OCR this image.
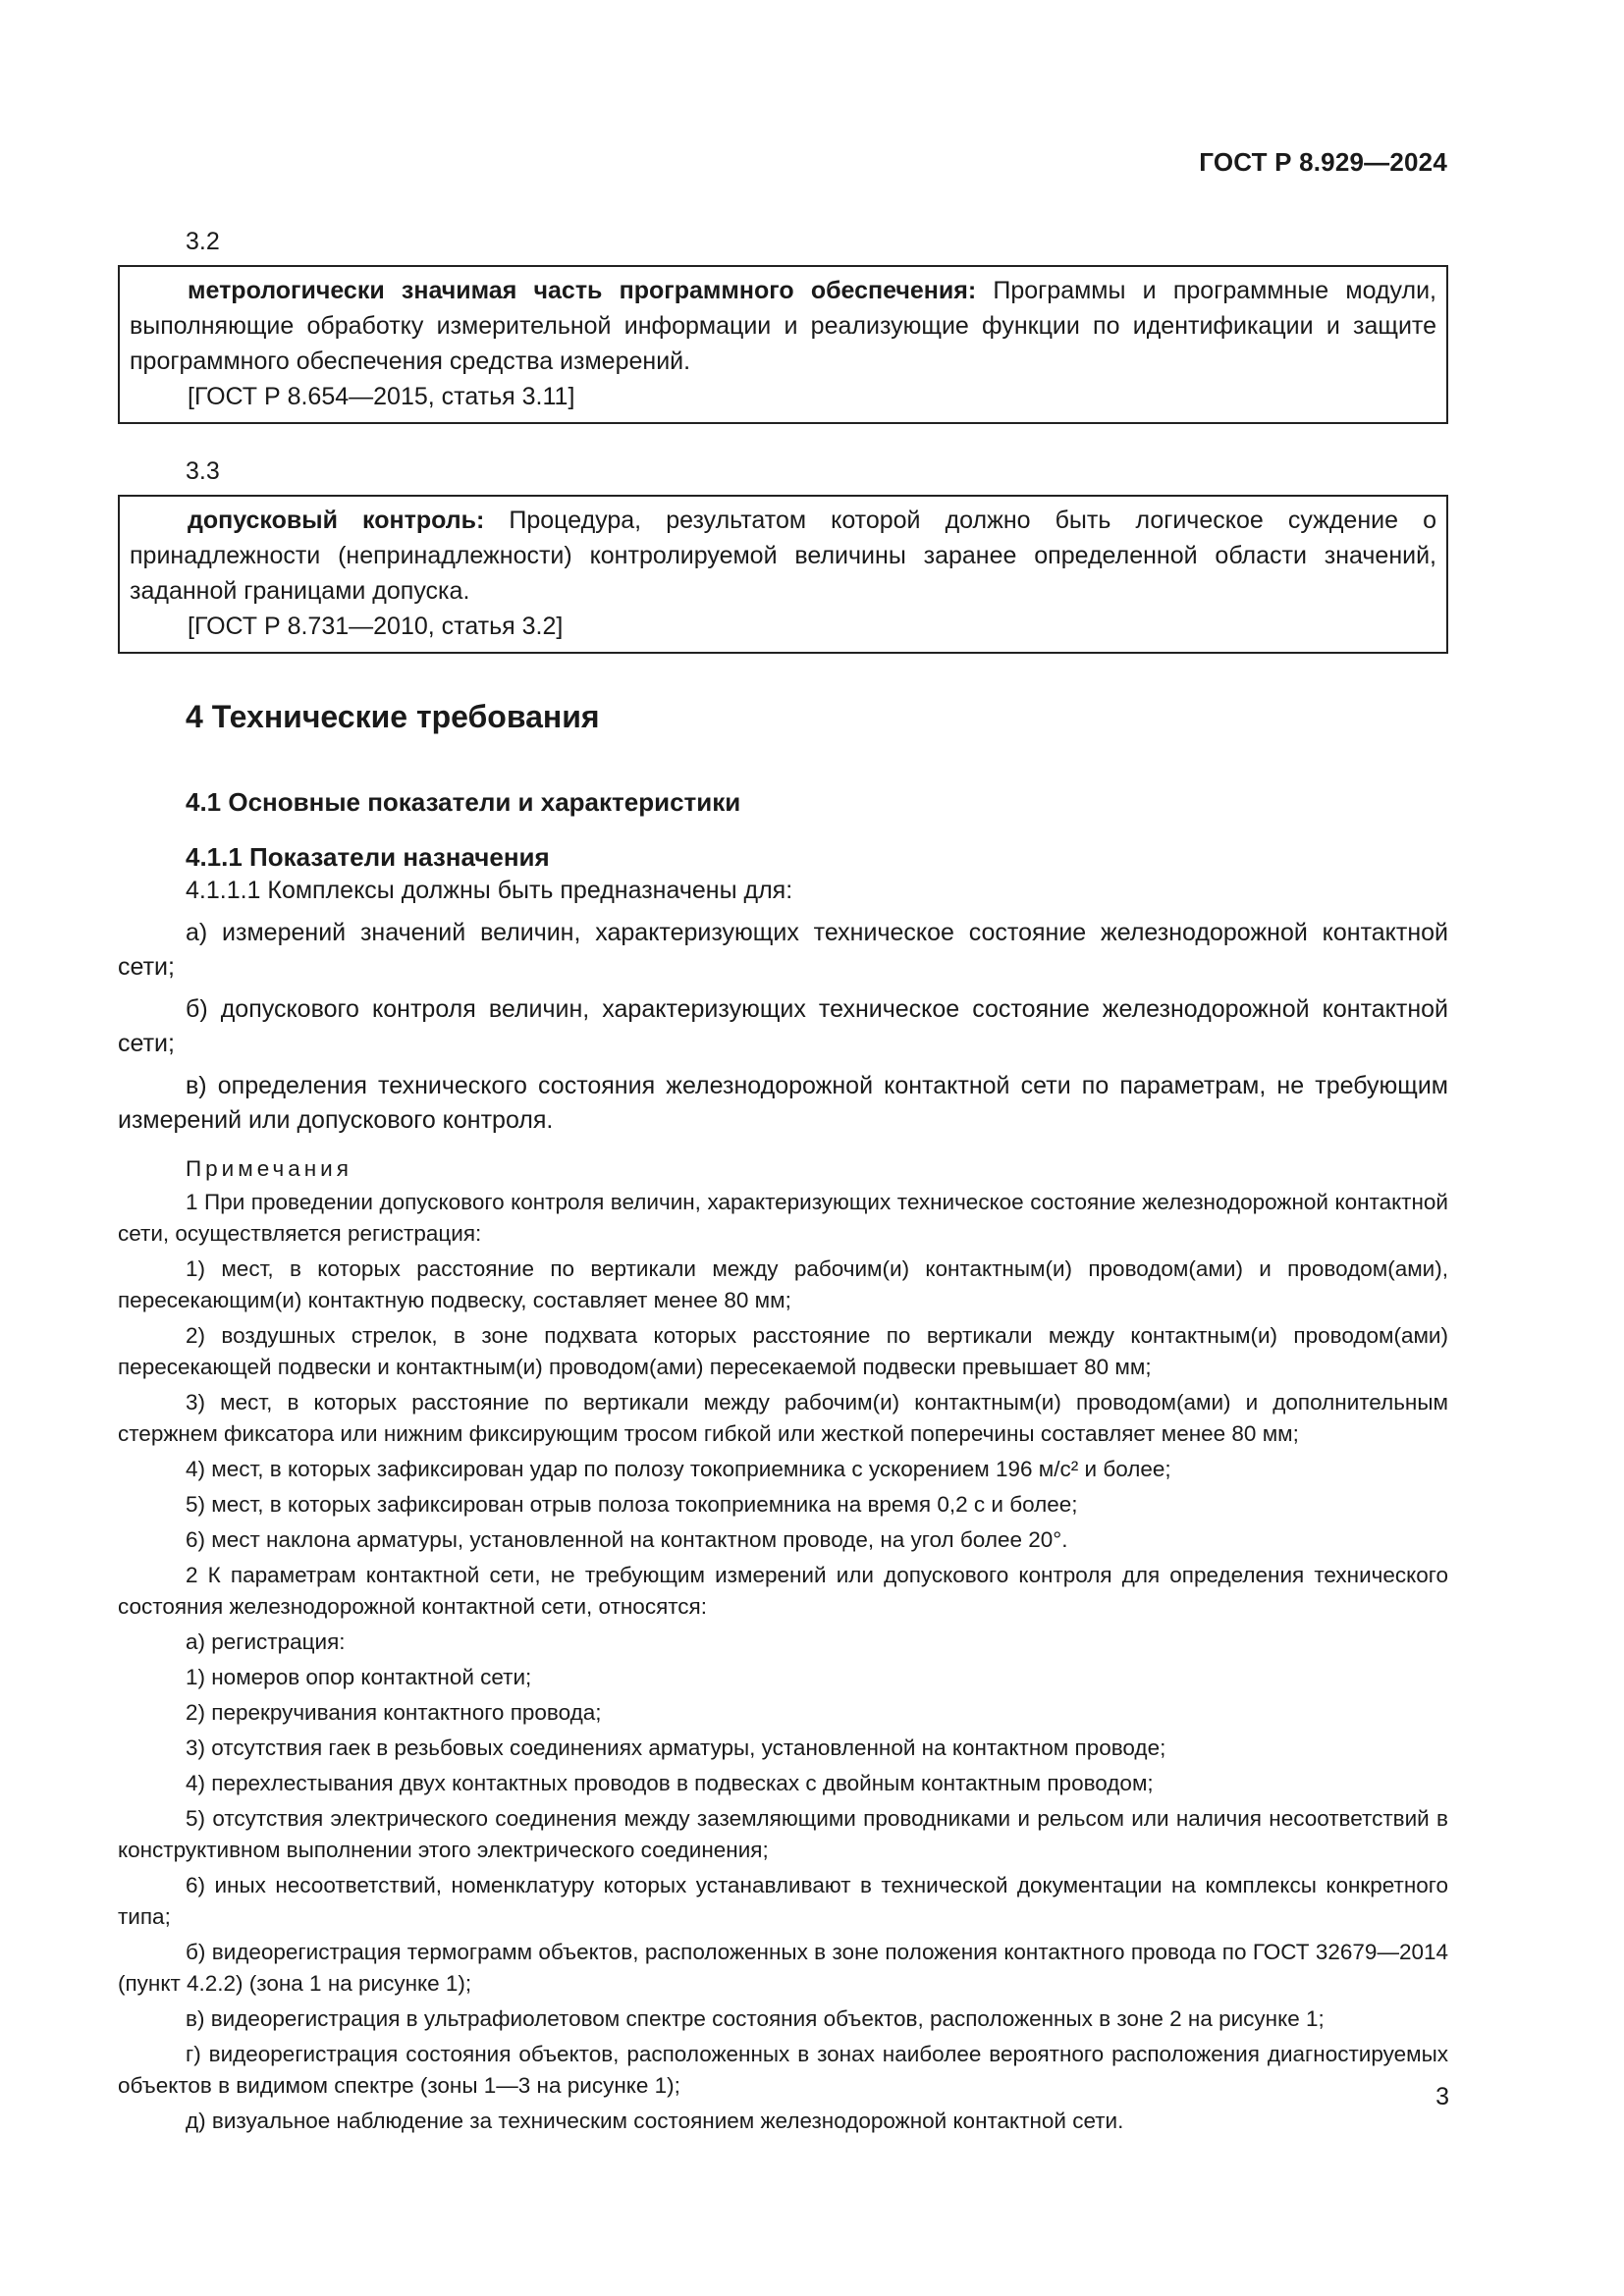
ГОСТ Р 8.929—2024
3.2

метрологически значимая часть программного обеспечения: Программы и программные модули, выполняющие обработку измерительной информации и реализующие функции по идентификации и защите программного обеспечения средства измерений.

[ГОСТ Р 8.654—2015, статья 3.11]

3.3

допусковый контроль: Процедура, результатом которой должно быть логическое суждение о принадлежности (непринадлежности) контролируемой величины заранее определенной области значений, заданной границами допуска.

[ГОСТ Р 8.731—2010, статья 3.2]

4 Технические требования
4.1 Основные показатели и характеристики
4.1.1 Показатели назначения

4.1.1.1 Комплексы должны быть предназначены для:

а) измерений значений величин, характеризующих техническое состояние железнодорожной контактной сети;

б) допускового контроля величин, характеризующих техническое состояние железнодорожной контактной сети;

в) определения технического состояния железнодорожной контактной сети по параметрам, не требующим измерений или допускового контроля.

Примечания

1 При проведении допускового контроля величин, характеризующих техническое состояние железнодорожной контактной сети, осуществляется регистрация:

1) мест, в которых расстояние по вертикали между рабочим(и) контактным(и) проводом(ами) и проводом(ами), пересекающим(и) контактную подвеску, составляет менее 80 мм;

2) воздушных стрелок, в зоне подхвата которых расстояние по вертикали между контактным(и) проводом(ами) пересекающей подвески и контактным(и) проводом(ами) пересекаемой подвески превышает 80 мм;

3) мест, в которых расстояние по вертикали между рабочим(и) контактным(и) проводом(ами) и дополнительным стержнем фиксатора или нижним фиксирующим тросом гибкой или жесткой поперечины составляет менее 80 мм;

4) мест, в которых зафиксирован удар по полозу токоприемника с ускорением 196 м/с² и более;

5) мест, в которых зафиксирован отрыв полоза токоприемника на время 0,2 с и более;

6) мест наклона арматуры, установленной на контактном проводе, на угол более 20°.

2 К параметрам контактной сети, не требующим измерений или допускового контроля для определения технического состояния железнодорожной контактной сети, относятся:

а) регистрация:

1) номеров опор контактной сети;

2) перекручивания контактного провода;

3) отсутствия гаек в резьбовых соединениях арматуры, установленной на контактном проводе;

4) перехлестывания двух контактных проводов в подвесках с двойным контактным проводом;

5) отсутствия электрического соединения между заземляющими проводниками и рельсом или наличия несоответствий в конструктивном выполнении этого электрического соединения;

6) иных несоответствий, номенклатуру которых устанавливают в технической документации на комплексы конкретного типа;

б) видеорегистрация термограмм объектов, расположенных в зоне положения контактного провода по ГОСТ 32679—2014 (пункт 4.2.2) (зона 1 на рисунке 1);

в) видеорегистрация в ультрафиолетовом спектре состояния объектов, расположенных в зоне 2 на рисунке 1;

г) видеорегистрация состояния объектов, расположенных в зонах наиболее вероятного расположения диагностируемых объектов в видимом спектре (зоны 1—3 на рисунке 1);

д) визуальное наблюдение за техническим состоянием железнодорожной контактной сети.

3
